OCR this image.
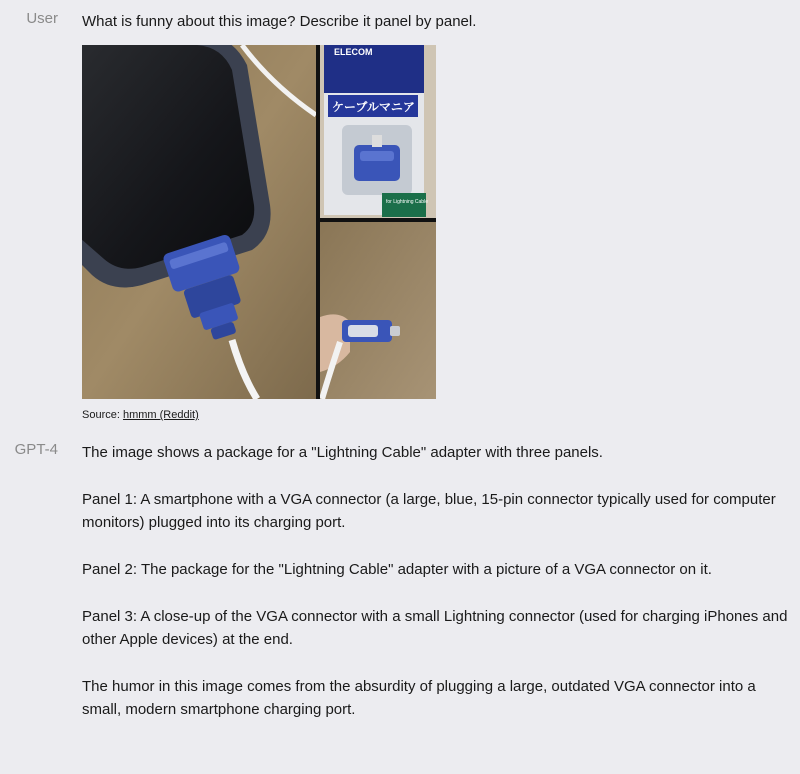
User What is funny about this image? Describe it panel by panel.

ELECOM
ケーブルマニア
for Lightning Cable
Source: hmmm (Reddit)
GPT-4 The image shows a package for a "Lightning Cable" adapter with three panels.

Panel 1: A smartphone with a VGA connector (a large, blue, 15-pin connector typically used for computer monitors) plugged into its charging port.

Panel 2: The package for the "Lightning Cable" adapter with a picture of a VGA connector on it.

Panel 3: A close-up of the VGA connector with a small Lightning connector (used for charging iPhones and other Apple devices) at the end.

The humor in this image comes from the absurdity of plugging a large, outdated VGA connector into a small, modern smartphone charging port.
